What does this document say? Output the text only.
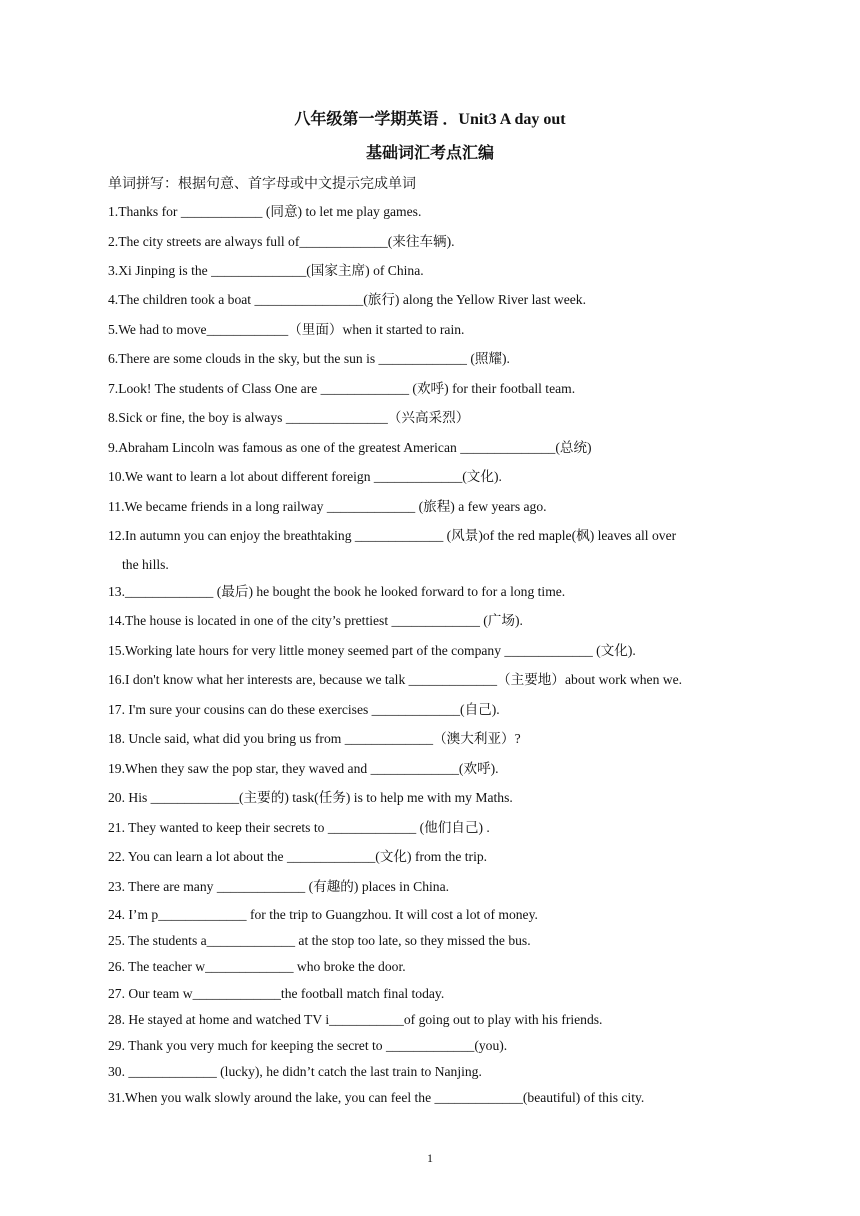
八年级第一学期英语 ．Unit3 A day out
基础词汇考点汇编
单词拼写：根据句意、首字母或中文提示完成单词
1.Thanks for ____________ (同意) to let me play games.
2.The city streets are always full of_____________(来往车辆).
3.Xi Jinping is the ______________(国家主席) of China.
4.The children took a boat ________________(旅行) along the Yellow River last week.
5.We had to move____________（里面）when it started to rain.
6.There are some clouds in the sky, but the sun is _____________ (照耀).
7.Look! The students of Class One are _____________ (欢呼) for their football team.
8.Sick or fine, the boy is always _______________（兴高采烈）
9.Abraham Lincoln was famous as one of the greatest American ______________(总统)
10.We want to learn a lot about different foreign _____________(文化).
11.We became friends in a long railway _____________ (旅程) a few years ago.
12.In autumn you can enjoy the breathtaking _____________ (风景)of the red maple(枫) leaves all over
the hills.
13._____________ (最后) he bought the book he looked forward to for a long time.
14.The house is located in one of the city’s prettiest _____________ (广场).
15.Working late hours for very little money seemed part of the company _____________ (文化).
16.I don't know what her interests are, because we talk _____________（主要地）about work when we.
17. I'm sure your cousins can do these exercises _____________(自己).
18. Uncle said, what did you bring us from _____________（澳大利亚）?
19.When they saw the pop star, they waved and _____________(欢呼).
20. His _____________(主要的) task(任务) is to help me with my Maths.
21. They wanted to keep their secrets to _____________ (他们自己) .
22. You can learn a lot about the _____________(文化) from the trip.
23. There are many _____________ (有趣的) places in China.
24. I’m p_____________ for the trip to Guangzhou. It will cost a lot of money.
25. The students a_____________ at the stop too late, so they missed the bus.
26. The teacher w_____________ who broke the door.
27. Our team w_____________the football match final today.
28. He stayed at home and watched TV i___________of going out to play with his friends.
29. Thank you very much for keeping the secret to _____________(you).
30. _____________ (lucky), he didn’t catch the last train to Nanjing.
31.When you walk slowly around the lake, you can feel the _____________(beautiful) of this city.
1
